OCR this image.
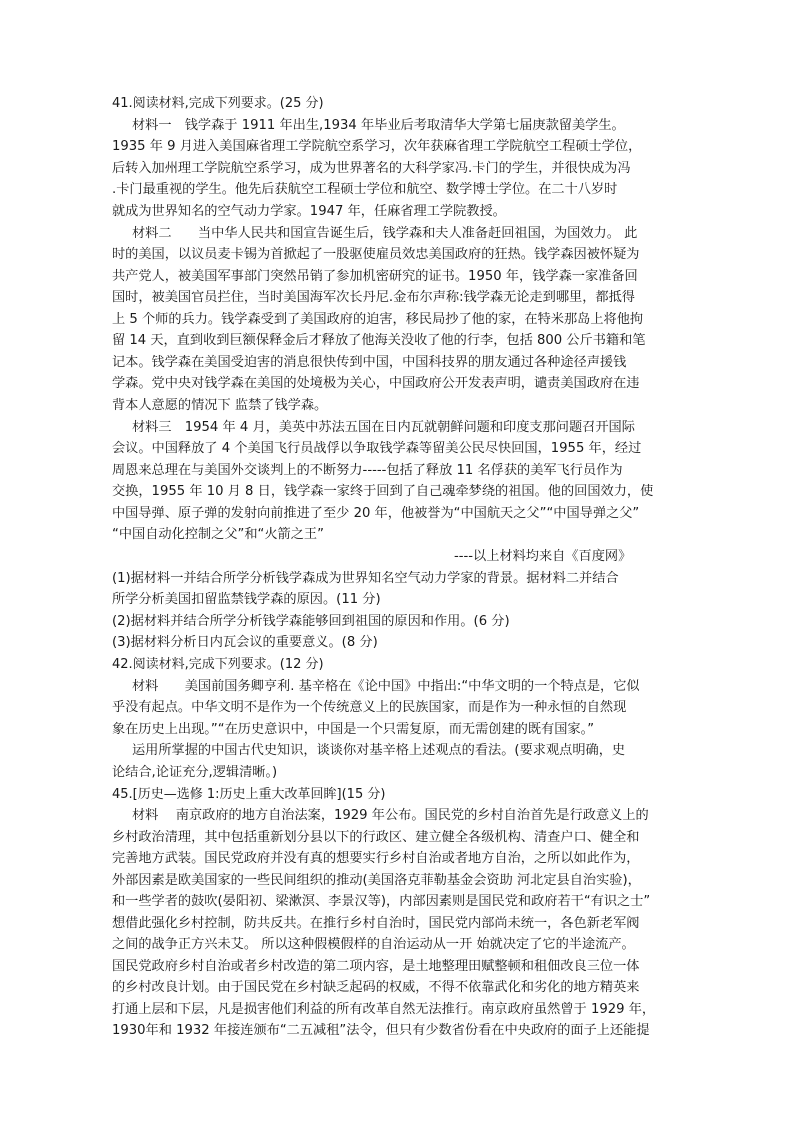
41.阅读材料,完成下列要求。(25 分)
材料一　钱学森于 1911 年出生,1934 年毕业后考取清华大学第七届庚款留美学生。
1935 年 9 月进入美国麻省理工学院航空系学习，次年获麻省理工学院航空工程硕士学位，
后转入加州理工学院航空系学习，成为世界著名的大科学家冯.卡门的学生，并很快成为冯
.卡门最重视的学生。他先后获航空工程硕士学位和航空、数学博士学位。在二十八岁时
就成为世界知名的空气动力学家。1947 年，任麻省理工学院教授。
材料二　　当中华人民共和国宣告诞生后，钱学森和夫人准备赶回祖国，为国效力。 此
时的美国，以议员麦卡锡为首掀起了一股驱使雇员效忠美国政府的狂热。钱学森因被怀疑为
共产党人，被美国军事部门突然吊销了参加机密研究的证书。1950 年，钱学森一家准备回
国时，被美国官员拦住，当时美国海军次长丹尼.金布尔声称:钱学森无论走到哪里，都抵得
上 5 个师的兵力。钱学森受到了美国政府的迫害，移民局抄了他的家，在特米那岛上将他拘
留 14 天，直到收到巨额保释金后才释放了他海关没收了他的行李，包括 800 公斤书籍和笔
记本。钱学森在美国受迫害的消息很快传到中国，中国科技界的朋友通过各种途径声援钱
学森。党中央对钱学森在美国的处境极为关心，中国政府公开发表声明，谴责美国政府在违
背本人意愿的情况下 监禁了钱学森。
材料三　1954 年 4 月，美英中苏法五国在日内瓦就朝鲜问题和印度支那问题召开国际
会议。中国释放了 4 个美国飞行员战俘以争取钱学森等留美公民尽快回国，1955 年，经过
周恩来总理在与美国外交谈判上的不断努力-----包括了释放 11 名俘获的美军飞行员作为
交换，1955 年 10 月 8 日，钱学森一家终于回到了自己魂牵梦绕的祖国。他的回国效力，使
中国导弹、原子弹的发射向前推进了至少 20 年，他被誉为“中国航天之父”“中国导弹之父”
“中国自动化控制之父”和“火箭之王”
----以上材料均来自《百度网》
(1)据材料一并结合所学分析钱学森成为世界知名空气动力学家的背景。据材料二并结合
所学分析美国扣留监禁钱学森的原因。(11 分)
(2)据材料并结合所学分析钱学森能够回到祖国的原因和作用。(6 分)
(3)据材料分析日内瓦会议的重要意义。(8 分)
42.阅读材料,完成下列要求。(12 分)
材料　　美国前国务卿亨利. 基辛格在《论中国》中指出:“中华文明的一个特点是，它似
乎没有起点。中华文明不是作为一个传统意义上的民族国家，而是作为一种永恒的自然现
象在历史上出现。”“在历史意识中，中国是一个只需复原，而无需创建的既有国家。”
运用所掌握的中国古代史知识，谈谈你对基辛格上述观点的看法。(要求观点明确，史
论结合,论证充分,逻辑清晰。)
45.[历史—选修 1:历史上重大改革回眸](15 分)
材料　 南京政府的地方自治法案，1929 年公布。国民党的乡村自治首先是行政意义上的
乡村政治清理，其中包括重新划分县以下的行政区、建立健全各级机构、清查户口、健全和
完善地方武装。国民党政府并没有真的想要实行乡村自治或者地方自治，之所以如此作为，
外部因素是欧美国家的一些民间组织的推动(美国洛克菲勒基金会资助 河北定县自治实验)，
和一些学者的鼓吹(晏阳初、梁漱溟、李景汉等)，内部因素则是国民党和政府若干“有识之士”
想借此强化乡村控制，防共反共。在推行乡村自治时，国民党内部尚未统一，各色新老军阀
之间的战争正方兴未艾。 所以这种假模假样的自治运动从一开 始就决定了它的半途流产。
国民党政府乡村自治或者乡村改造的第二项内容，是土地整理田赋整顿和租佃改良三位一体
的乡村改良计划。由于国民党在乡村缺乏起码的权威，不得不依靠武化和劣化的地方精英来
打通上层和下层，凡是损害他们利益的所有改革自然无法推行。南京政府虽然曾于 1929 年，
1930年和 1932 年接连颁布“二五减租”法令，但只有少数省份看在中央政府的面子上还能提
